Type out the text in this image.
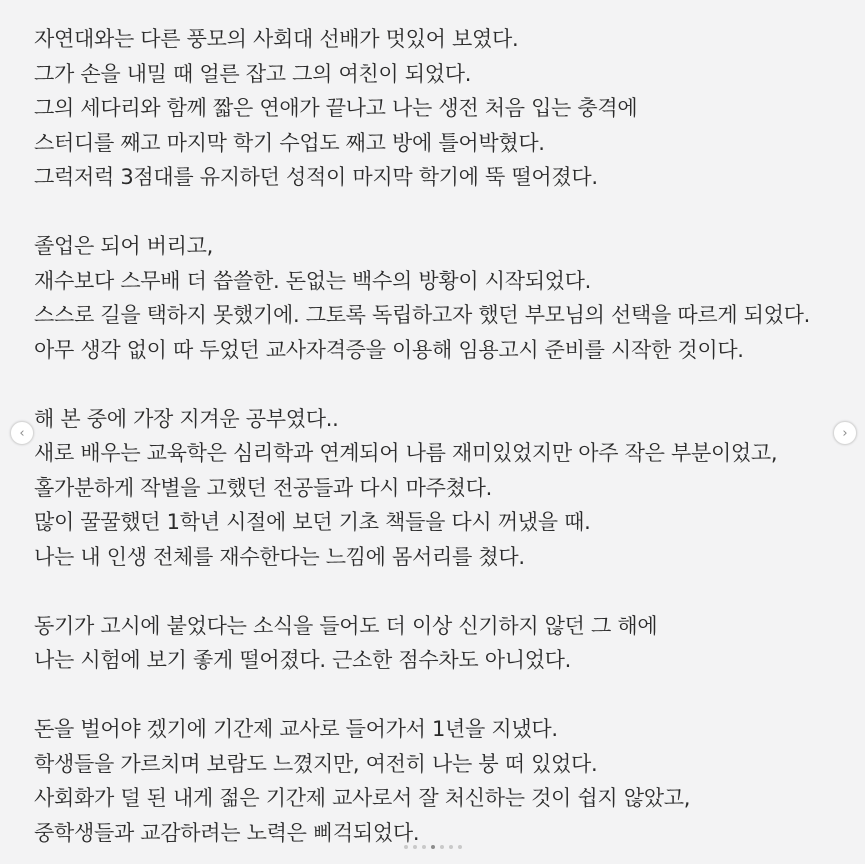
자연대와는 다른 풍모의 사회대 선배가 멋있어 보였다.
그가 손을 내밀 때 얼른 잡고 그의 여친이 되었다.
그의 세다리와 함께 짧은 연애가 끝나고 나는 생전 처음 입는 충격에
스터디를 째고 마지막 학기 수업도 째고 방에 틀어박혔다.
그럭저럭 3점대를 유지하던 성적이 마지막 학기에 뚝 떨어졌다.
졸업은 되어 버리고,
재수보다 스무배 더 씁쓸한. 돈없는 백수의 방황이 시작되었다.
스스로 길을 택하지 못했기에. 그토록 독립하고자 했던 부모님의 선택을 따르게 되었다.
아무 생각 없이 따 두었던 교사자격증을 이용해 임용고시 준비를 시작한 것이다.
해 본 중에 가장 지겨운 공부였다..
새로 배우는 교육학은 심리학과 연계되어 나름 재미있었지만 아주 작은 부분이었고,
홀가분하게 작별을 고했던 전공들과 다시 마주쳤다.
많이 꿀꿀했던 1학년 시절에 보던 기초 책들을 다시 꺼냈을 때.
나는 내 인생 전체를 재수한다는 느낌에 몸서리를 쳤다.
동기가 고시에 붙었다는 소식을 들어도 더 이상 신기하지 않던 그 해에
나는 시험에 보기 좋게 떨어졌다. 근소한 점수차도 아니었다.
돈을 벌어야 겠기에 기간제 교사로 들어가서 1년을 지냈다.
학생들을 가르치며 보람도 느꼈지만, 여전히 나는 붕 떠 있었다.
사회화가 덜 된 내게 젊은 기간제 교사로서 잘 처신하는 것이 쉽지 않았고,
중학생들과 교감하려는 노력은 삐걱되었다.
‹	›
